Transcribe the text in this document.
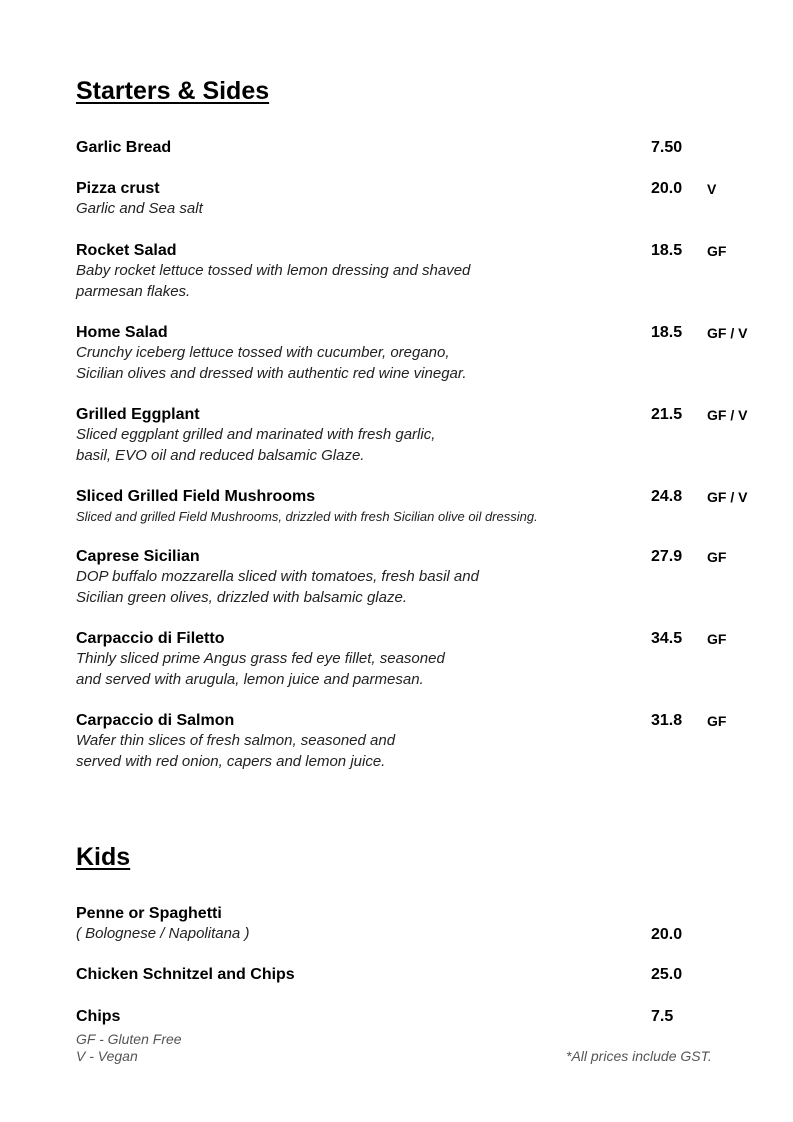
Starters & Sides
Garlic Bread	7.50
Pizza crust
Garlic and Sea salt
20.0 V
Rocket Salad
Baby rocket lettuce tossed with lemon dressing and shaved
parmesan flakes.
18.5 GF
Home Salad
Crunchy iceberg lettuce tossed with cucumber, oregano,
Sicilian olives and dressed with authentic red wine vinegar.
18.5 GF / V
Grilled Eggplant
Sliced eggplant grilled and marinated with fresh garlic,
basil, EVO oil and reduced balsamic Glaze.
21.5 GF / V
Sliced Grilled Field Mushrooms
Sliced and grilled Field Mushrooms, drizzled with fresh Sicilian olive oil dressing.
24.8 GF / V
Caprese Sicilian
DOP buffalo mozzarella sliced with tomatoes, fresh basil and
Sicilian green olives, drizzled with balsamic glaze.
27.9 GF
Carpaccio di Filetto
Thinly sliced prime Angus grass fed eye fillet, seasoned
and served with arugula, lemon juice and parmesan.
34.5 GF
Carpaccio di Salmon
Wafer thin slices of fresh salmon, seasoned and
served with red onion, capers and lemon juice.
31.8 GF
Kids
Penne or Spaghetti
( Bolognese / Napolitana )	20.0
Chicken Schnitzel and Chips	25.0
Chips	7.5
GF - Gluten Free
V - Vegan	*All prices include GST.
